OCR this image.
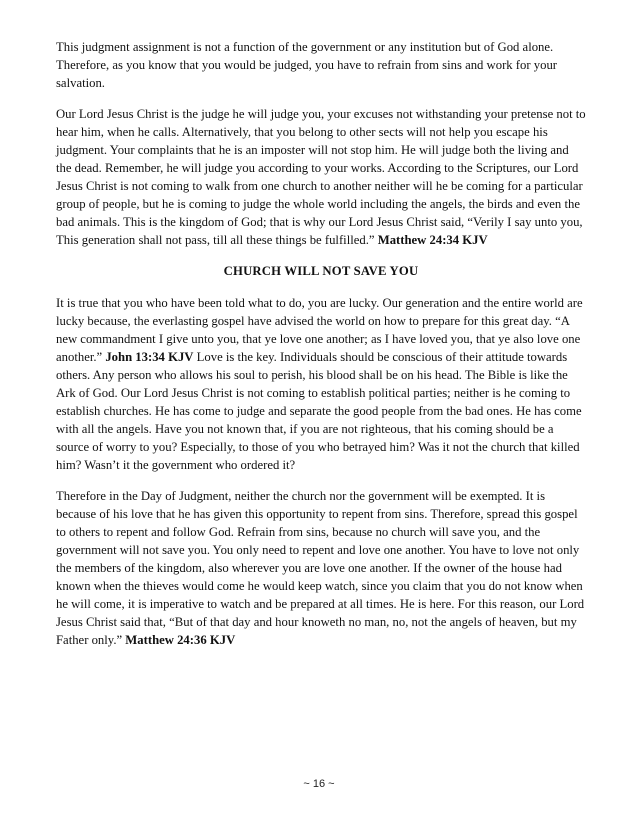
This judgment assignment is not a function of the government or any institution but of God alone. Therefore, as you know that you would be judged, you have to refrain from sins and work for your salvation.

Our Lord Jesus Christ is the judge he will judge you, your excuses not withstanding your pretense not to hear him, when he calls. Alternatively, that you belong to other sects will not help you escape his judgment. Your complaints that he is an imposter will not stop him. He will judge both the living and the dead. Remember, he will judge you according to your works. According to the Scriptures, our Lord Jesus Christ is not coming to walk from one church to another neither will he be coming for a particular group of people, but he is coming to judge the whole world including the angels, the birds and even the bad animals. This is the kingdom of God; that is why our Lord Jesus Christ said, “Verily I say unto you, This generation shall not pass, till all these things be fulfilled.” Matthew 24:34 KJV

CHURCH WILL NOT SAVE YOU

It is true that you who have been told what to do, you are lucky. Our generation and the entire world are lucky because, the everlasting gospel have advised the world on how to prepare for this great day. “A new commandment I give unto you, that ye love one another; as I have loved you, that ye also love one another.” John 13:34 KJV Love is the key. Individuals should be conscious of their attitude towards others. Any person who allows his soul to perish, his blood shall be on his head. The Bible is like the Ark of God. Our Lord Jesus Christ is not coming to establish political parties; neither is he coming to establish churches. He has come to judge and separate the good people from the bad ones. He has come with all the angels. Have you not known that, if you are not righteous, that his coming should be a source of worry to you? Especially, to those of you who betrayed him? Was it not the church that killed him? Wasn’t it the government who ordered it?

Therefore in the Day of Judgment, neither the church nor the government will be exempted. It is because of his love that he has given this opportunity to repent from sins. Therefore, spread this gospel to others to repent and follow God. Refrain from sins, because no church will save you, and the government will not save you. You only need to repent and love one another. You have to love not only the members of the kingdom, also wherever you are love one another. If the owner of the house had known when the thieves would come he would keep watch, since you claim that you do not know when he will come, it is imperative to watch and be prepared at all times. He is here. For this reason, our Lord Jesus Christ said that, “But of that day and hour knoweth no man, no, not the angels of heaven, but my Father only.” Matthew 24:36 KJV

~ 16 ~
